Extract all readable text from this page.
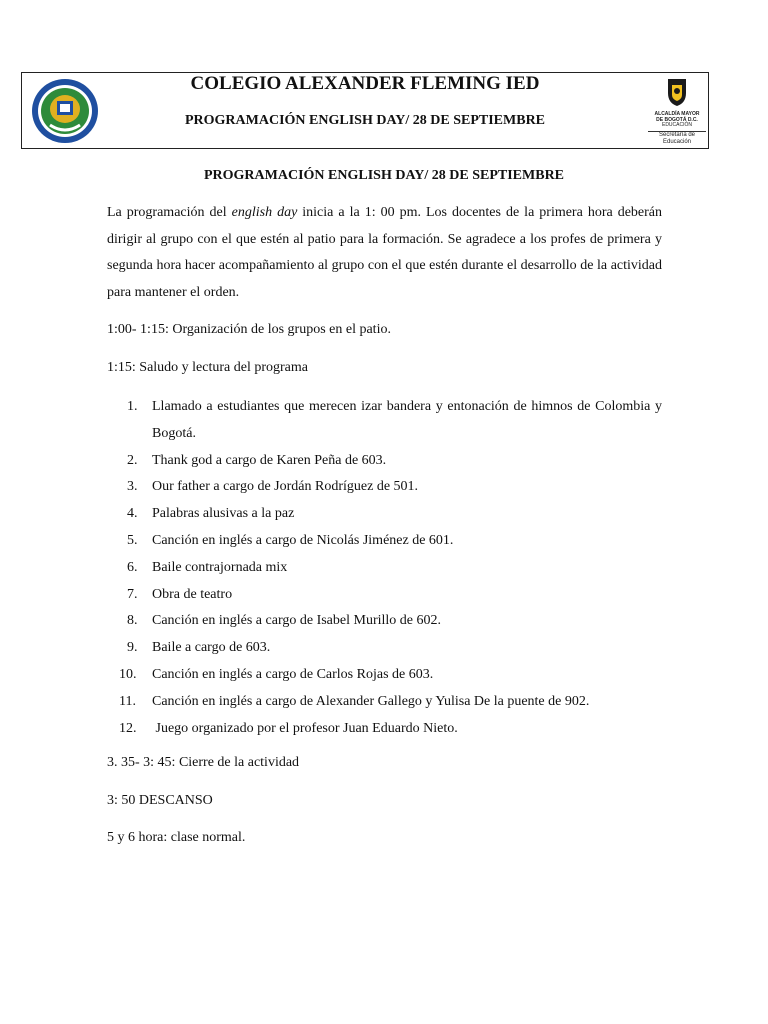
COLEGIO ALEXANDER FLEMING IED
PROGRAMACIÓN ENGLISH DAY/ 28 DE SEPTIEMBRE	ALCALDÍA MAYOR
DE BOGOTÁ D.C.
EDUCACIÓN
Secretaría de Educación
PROGRAMACIÓN ENGLISH DAY/ 28 DE SEPTIEMBRE

La programación del english day inicia a la 1: 00 pm. Los docentes de la primera hora deberán dirigir al grupo con el que estén al patio para la formación. Se agradece a los profes de primera y segunda hora hacer acompañamiento al grupo con el que estén durante el desarrollo de la actividad para mantener el orden.

1:00- 1:15: Organización de los grupos en el patio.

1:15: Saludo y lectura del programa

1. Llamado a estudiantes que merecen izar bandera y entonación de himnos de Colombia y Bogotá.
2. Thank god a cargo de Karen Peña de 603.
3. Our father a cargo de Jordán Rodríguez de 501.
4. Palabras alusivas a la paz
5. Canción en inglés a cargo de Nicolás Jiménez de 601.
6. Baile contrajornada mix
7. Obra de teatro
8. Canción en inglés a cargo de Isabel Murillo de 602.
9. Baile a cargo de 603.
10. Canción en inglés a cargo de Carlos Rojas de 603.
11. Canción en inglés a cargo de Alexander Gallego y Yulisa De la puente de 902.
12. Juego organizado por el profesor Juan Eduardo Nieto.

3. 35- 3: 45: Cierre de la actividad

3: 50 DESCANSO

5 y 6 hora: clase normal.
